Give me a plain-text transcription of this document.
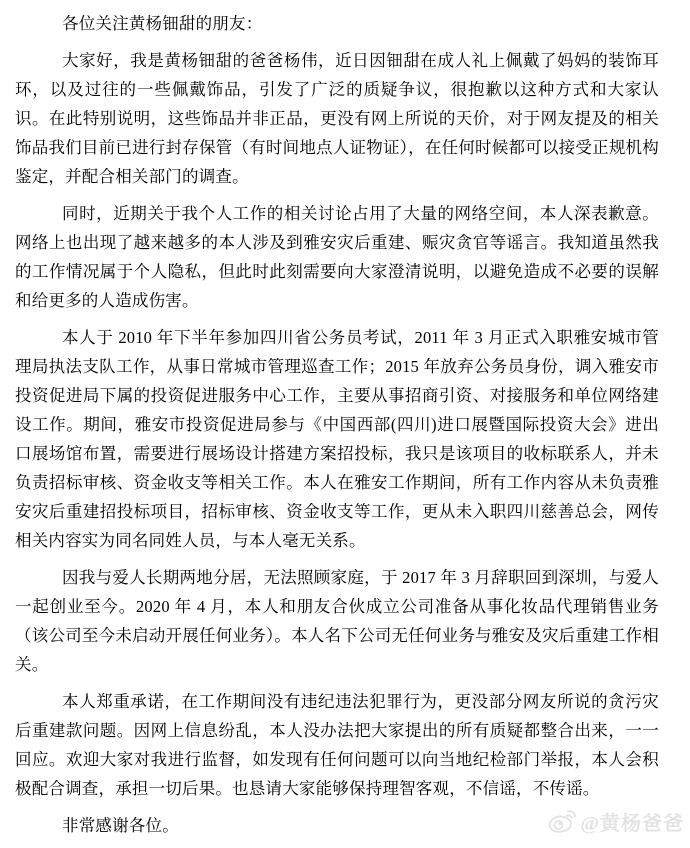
各位关注黄杨钿甜的朋友：

大家好，我是黄杨钿甜的爸爸杨伟，近日因钿甜在成人礼上佩戴了妈妈的装饰耳环，以及过往的一些佩戴饰品，引发了广泛的质疑争议，很抱歉以这种方式和大家认识。在此特别说明，这些饰品并非正品，更没有网上所说的天价，对于网友提及的相关饰品我们目前已进行封存保管（有时间地点人证物证），在任何时候都可以接受正规机构鉴定，并配合相关部门的调查。

同时，近期关于我个人工作的相关讨论占用了大量的网络空间，本人深表歉意。网络上也出现了越来越多的本人涉及到雅安灾后重建、赈灾贪官等谣言。我知道虽然我的工作情况属于个人隐私，但此时此刻需要向大家澄清说明，以避免造成不必要的误解和给更多的人造成伤害。

本人于 2010 年下半年参加四川省公务员考试，2011 年 3 月正式入职雅安城市管理局执法支队工作，从事日常城市管理巡查工作；2015 年放弃公务员身份，调入雅安市投资促进局下属的投资促进服务中心工作，主要从事招商引资、对接服务和单位网络建设工作。期间，雅安市投资促进局参与《中国西部(四川)进口展暨国际投资大会》进出口展场馆布置，需要进行展场设计搭建方案招投标，我只是该项目的收标联系人，并未负责招标审核、资金收支等相关工作。本人在雅安工作期间，所有工作内容从未负责雅安灾后重建招投标项目，招标审核、资金收支等工作，更从未入职四川慈善总会，网传相关内容实为同名同姓人员，与本人毫无关系。

因我与爱人长期两地分居，无法照顾家庭，于 2017 年 3 月辞职回到深圳，与爱人一起创业至今。2020 年 4 月，本人和朋友合伙成立公司准备从事化妆品代理销售业务（该公司至今未启动开展任何业务）。本人名下公司无任何业务与雅安及灾后重建工作相关。

本人郑重承诺，在工作期间没有违纪违法犯罪行为，更没部分网友所说的贪污灾后重建款问题。因网上信息纷乱，本人没办法把大家提出的所有质疑都整合出来，一一回应。欢迎大家对我进行监督，如发现有任何问题可以向当地纪检部门举报，本人会积极配合调查，承担一切后果。也恳请大家能够保持理智客观，不信谣，不传谣。

非常感谢各位。	@黄杨爸爸
